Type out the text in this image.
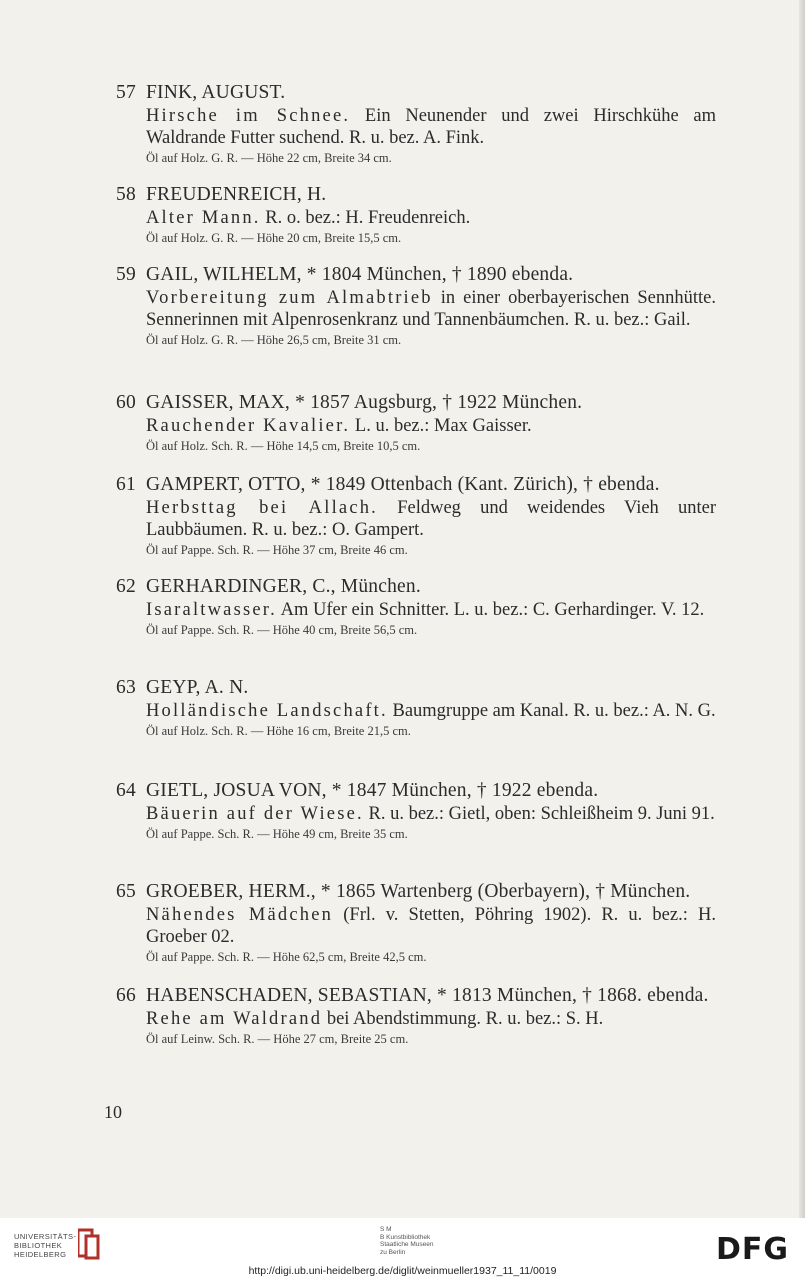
57 FINK, AUGUST.
Hirsche im Schnee. Ein Neunender und zwei Hirschkühe am Waldrande Futter suchend. R. u. bez. A. Fink.
Öl auf Holz. G. R. — Höhe 22 cm, Breite 34 cm.
58 FREUDENREICH, H.
Alter Mann. R. o. bez.: H. Freudenreich.
Öl auf Holz. G. R. — Höhe 20 cm, Breite 15,5 cm.
59 GAIL, WILHELM, * 1804 München, † 1890 ebenda.
Vorbereitung zum Almabtrieb in einer oberbayerischen Sennhütte. Sennerinnen mit Alpenrosenkranz und Tannenbäumchen. R. u. bez.: Gail.
Öl auf Holz. G. R. — Höhe 26,5 cm, Breite 31 cm.
60 GAISSER, MAX, * 1857 Augsburg, † 1922 München.
Rauchender Kavalier. L. u. bez.: Max Gaisser.
Öl auf Holz. Sch. R. — Höhe 14,5 cm, Breite 10,5 cm.
61 GAMPERT, OTTO, * 1849 Ottenbach (Kant. Zürich), † ebenda.
Herbsttag bei Allach. Feldweg und weidendes Vieh unter Laubbäumen. R. u. bez.: O. Gampert.
Öl auf Pappe. Sch. R. — Höhe 37 cm, Breite 46 cm.
62 GERHARDINGER, C., München.
Isaraltwasser. Am Ufer ein Schnitter. L. u. bez.: C. Gerhardinger. V. 12.
Öl auf Pappe. Sch. R. — Höhe 40 cm, Breite 56,5 cm.
63 GEYP, A. N.
Holländische Landschaft. Baumgruppe am Kanal. R. u. bez.: A. N. G.
Öl auf Holz. Sch. R. — Höhe 16 cm, Breite 21,5 cm.
64 GIETL, JOSUA VON, * 1847 München, † 1922 ebenda.
Bäuerin auf der Wiese. R. u. bez.: Gietl, oben: Schleißheim 9. Juni 91.
Öl auf Pappe. Sch. R. — Höhe 49 cm, Breite 35 cm.
65 GROEBER, HERM., * 1865 Wartenberg (Oberbayern), † München.
Nähendes Mädchen (Frl. v. Stetten, Pöhring 1902). R. u. bez.: H. Groeber 02.
Öl auf Pappe. Sch. R. — Höhe 62,5 cm, Breite 42,5 cm.
66 HABENSCHADEN, SEBASTIAN, * 1813 München, † 1868. ebenda.
Rehe am Waldrand bei Abendstimmung. R. u. bez.: S. H.
Öl auf Leinw. Sch. R. — Höhe 27 cm, Breite 25 cm.
10
UNIVERSITÄTS-
BIBLIOTHEK
HEIDELBERG
S M
B Kunstbibliothek
Staatliche Museen
zu Berlin	DFG
http://digi.ub.uni-heidelberg.de/diglit/weinmueller1937_11_11/0019
